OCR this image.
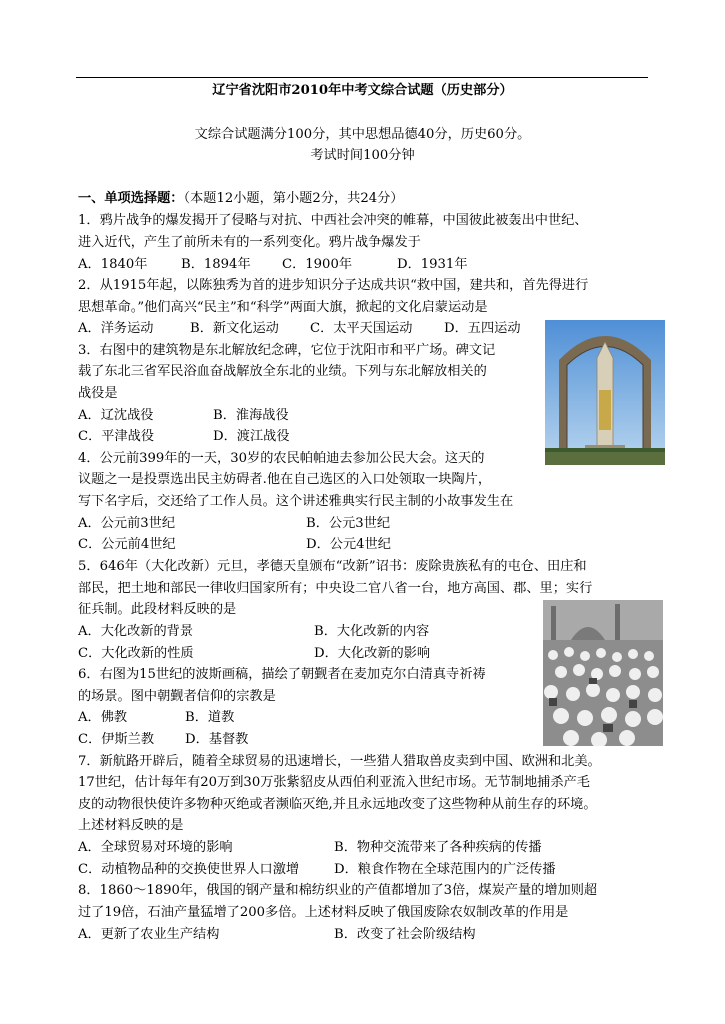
辽宁省沈阳市2010年中考文综合试题（历史部分）
文综合试题满分100分，其中思想品德40分，历史60分。
考试时间100分钟
一、单项选择题：（本题12小题，第小题2分，共24分）
1．鸦片战争的爆发揭开了侵略与对抗、中西社会冲突的帷幕，中国彼此被轰出中世纪、
进入近代，产生了前所未有的一系列变化。鸦片战争爆发于
A．1840年	B．1894年 C．1900年	D．1931年
2．从1915年起，以陈独秀为首的进步知识分子达成共识“救中国，建共和，首先得进行
思想革命。”他们高兴“民主”和“科学”两面大旗，掀起的文化启蒙运动是
A．洋务运动	B．新文化运动 C．太平天国运动 D．五四运动
3．右图中的建筑物是东北解放纪念碑，它位于沈阳市和平广场。碑文记
载了东北三省军民浴血奋战解放全东北的业绩。下列与东北解放相关的
战役是
A．辽沈战役	B．淮海战役
C．平津战役	D．渡江战役
4．公元前399年的一天，30岁的农民帕帕迪去参加公民大会。这天的
议题之一是投票选出民主妨碍者.他在自己选区的入口处领取一块陶片，
写下名字后，交还给了工作人员。这个讲述雅典实行民主制的小故事发生在
A．公元前3世纪	B．公元3世纪
C．公元前4世纪	D．公元4世纪
5．646年（大化改新）元旦，孝德天皇颁布“改新”诏书：废除贵族私有的屯仓、田庄和
部民，把土地和部民一律收归国家所有；中央设二官八省一台，地方高国、郡、里；实行
征兵制。此段材料反映的是
A．大化改新的背景	B．大化改新的内容
C．大化改新的性质	D．大化改新的影响
6．右图为15世纪的波斯画稿，描绘了朝觐者在麦加克尔白清真寺祈祷
的场景。图中朝觐者信仰的宗教是
A．佛教	B．道教
C．伊斯兰教 D．基督教
7．新航路开辟后，随着全球贸易的迅速增长，一些猎人猎取兽皮卖到中国、欧洲和北美。
17世纪，估计每年有20万到30万张紫貂皮从西伯利亚流入世纪市场。无节制地捕杀产毛
皮的动物很快使许多物种灭绝或者濒临灭绝,并且永远地改变了这些物种从前生存的环境。
上述材料反映的是
A．全球贸易对环境的影响	B．物种交流带来了各种疾病的传播
C．动植物品种的交换使世界人口激增	D．粮食作物在全球范围内的广泛传播
8．1860～1890年，俄国的钢产量和棉纺织业的产值都增加了3倍，煤炭产量的增加则超
过了19倍，石油产量猛增了200多倍。上述材料反映了俄国废除农奴制改革的作用是
A．更新了农业生产结构	B．改变了社会阶级结构
